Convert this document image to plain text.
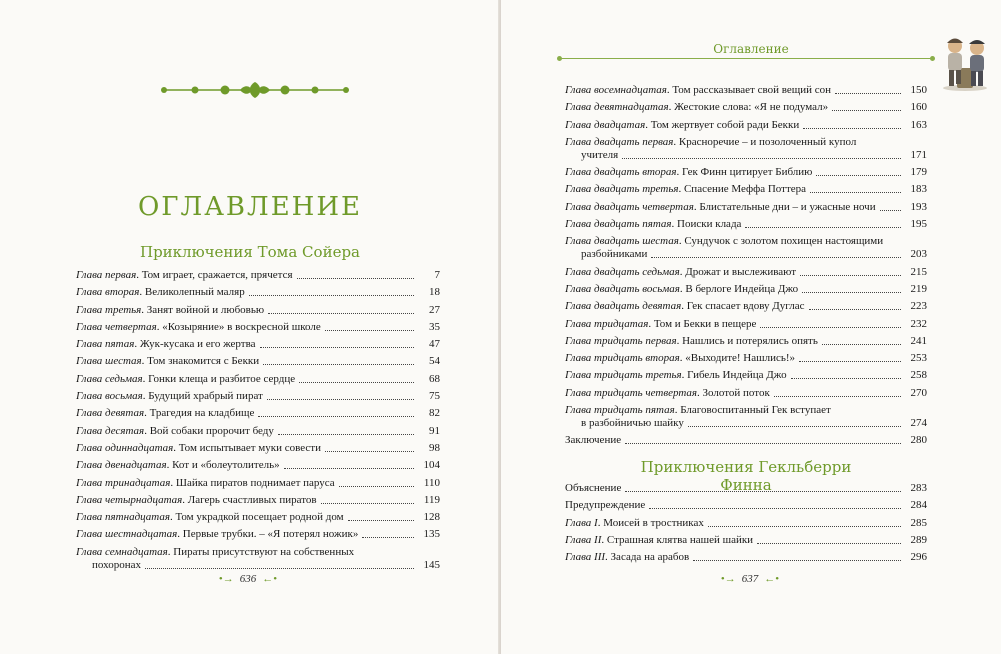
ОГЛАВЛЕНИЕ
Приключения Тома Сойера
Глава первая. Том играет, сражается, прячется	7
Глава вторая. Великолепный маляр	18
Глава третья. Занят войной и любовью	27
Глава четвертая. «Козыряние» в воскресной школе	35
Глава пятая. Жук-кусака и его жертва	47
Глава шестая. Том знакомится с Бекки	54
Глава седьмая. Гонки клеща и разбитое сердце	68
Глава восьмая. Будущий храбрый пират	75
Глава девятая. Трагедия на кладбище	82
Глава десятая. Вой собаки пророчит беду	91
Глава одиннадцатая. Том испытывает муки совести	98
Глава двенадцатая. Кот и «болеутолитель»	104
Глава тринадцатая. Шайка пиратов поднимает паруса	110
Глава четырнадцатая. Лагерь счастливых пиратов	119
Глава пятнадцатая. Том украдкой посещает родной дом	128
Глава шестнадцатая. Первые трубки. – «Я потерял ножик»	135
Глава семнадцатая. Пираты присутствуют на собственных
похоронах	145
•→ 636 ←•
Оглавление
Глава восемнадцатая. Том рассказывает свой вещий сон	150
Глава девятнадцатая. Жестокие слова: «Я не подумал»	160
Глава двадцатая. Том жертвует собой ради Бекки	163
Глава двадцать первая. Красноречие – и позолоченный купол
учителя	171
Глава двадцать вторая. Гек Финн цитирует Библию	179
Глава двадцать третья. Спасение Меффа Поттера	183
Глава двадцать четвертая. Блистательные дни – и ужасные ночи	193
Глава двадцать пятая. Поиски клада	195
Глава двадцать шестая. Сундучок с золотом похищен настоящими
разбойниками	203
Глава двадцать седьмая. Дрожат и выслеживают	215
Глава двадцать восьмая. В берлоге Индейца Джо	219
Глава двадцать девятая. Гек спасает вдову Дуглас	223
Глава тридцатая. Том и Бекки в пещере	232
Глава тридцать первая. Нашлись и потерялись опять	241
Глава тридцать вторая. «Выходите! Нашлись!»	253
Глава тридцать третья. Гибель Индейца Джо	258
Глава тридцать четвертая. Золотой поток	270
Глава тридцать пятая. Благовоспитанный Гек вступает
в разбойничью шайку	274
Заключение	280
Приключения Гекльберри Финна
Объяснение	283
Предупреждение	284
Глава I. Моисей в тростниках	285
Глава II. Страшная клятва нашей шайки	289
Глава III. Засада на арабов	296
•→ 637 ←•
